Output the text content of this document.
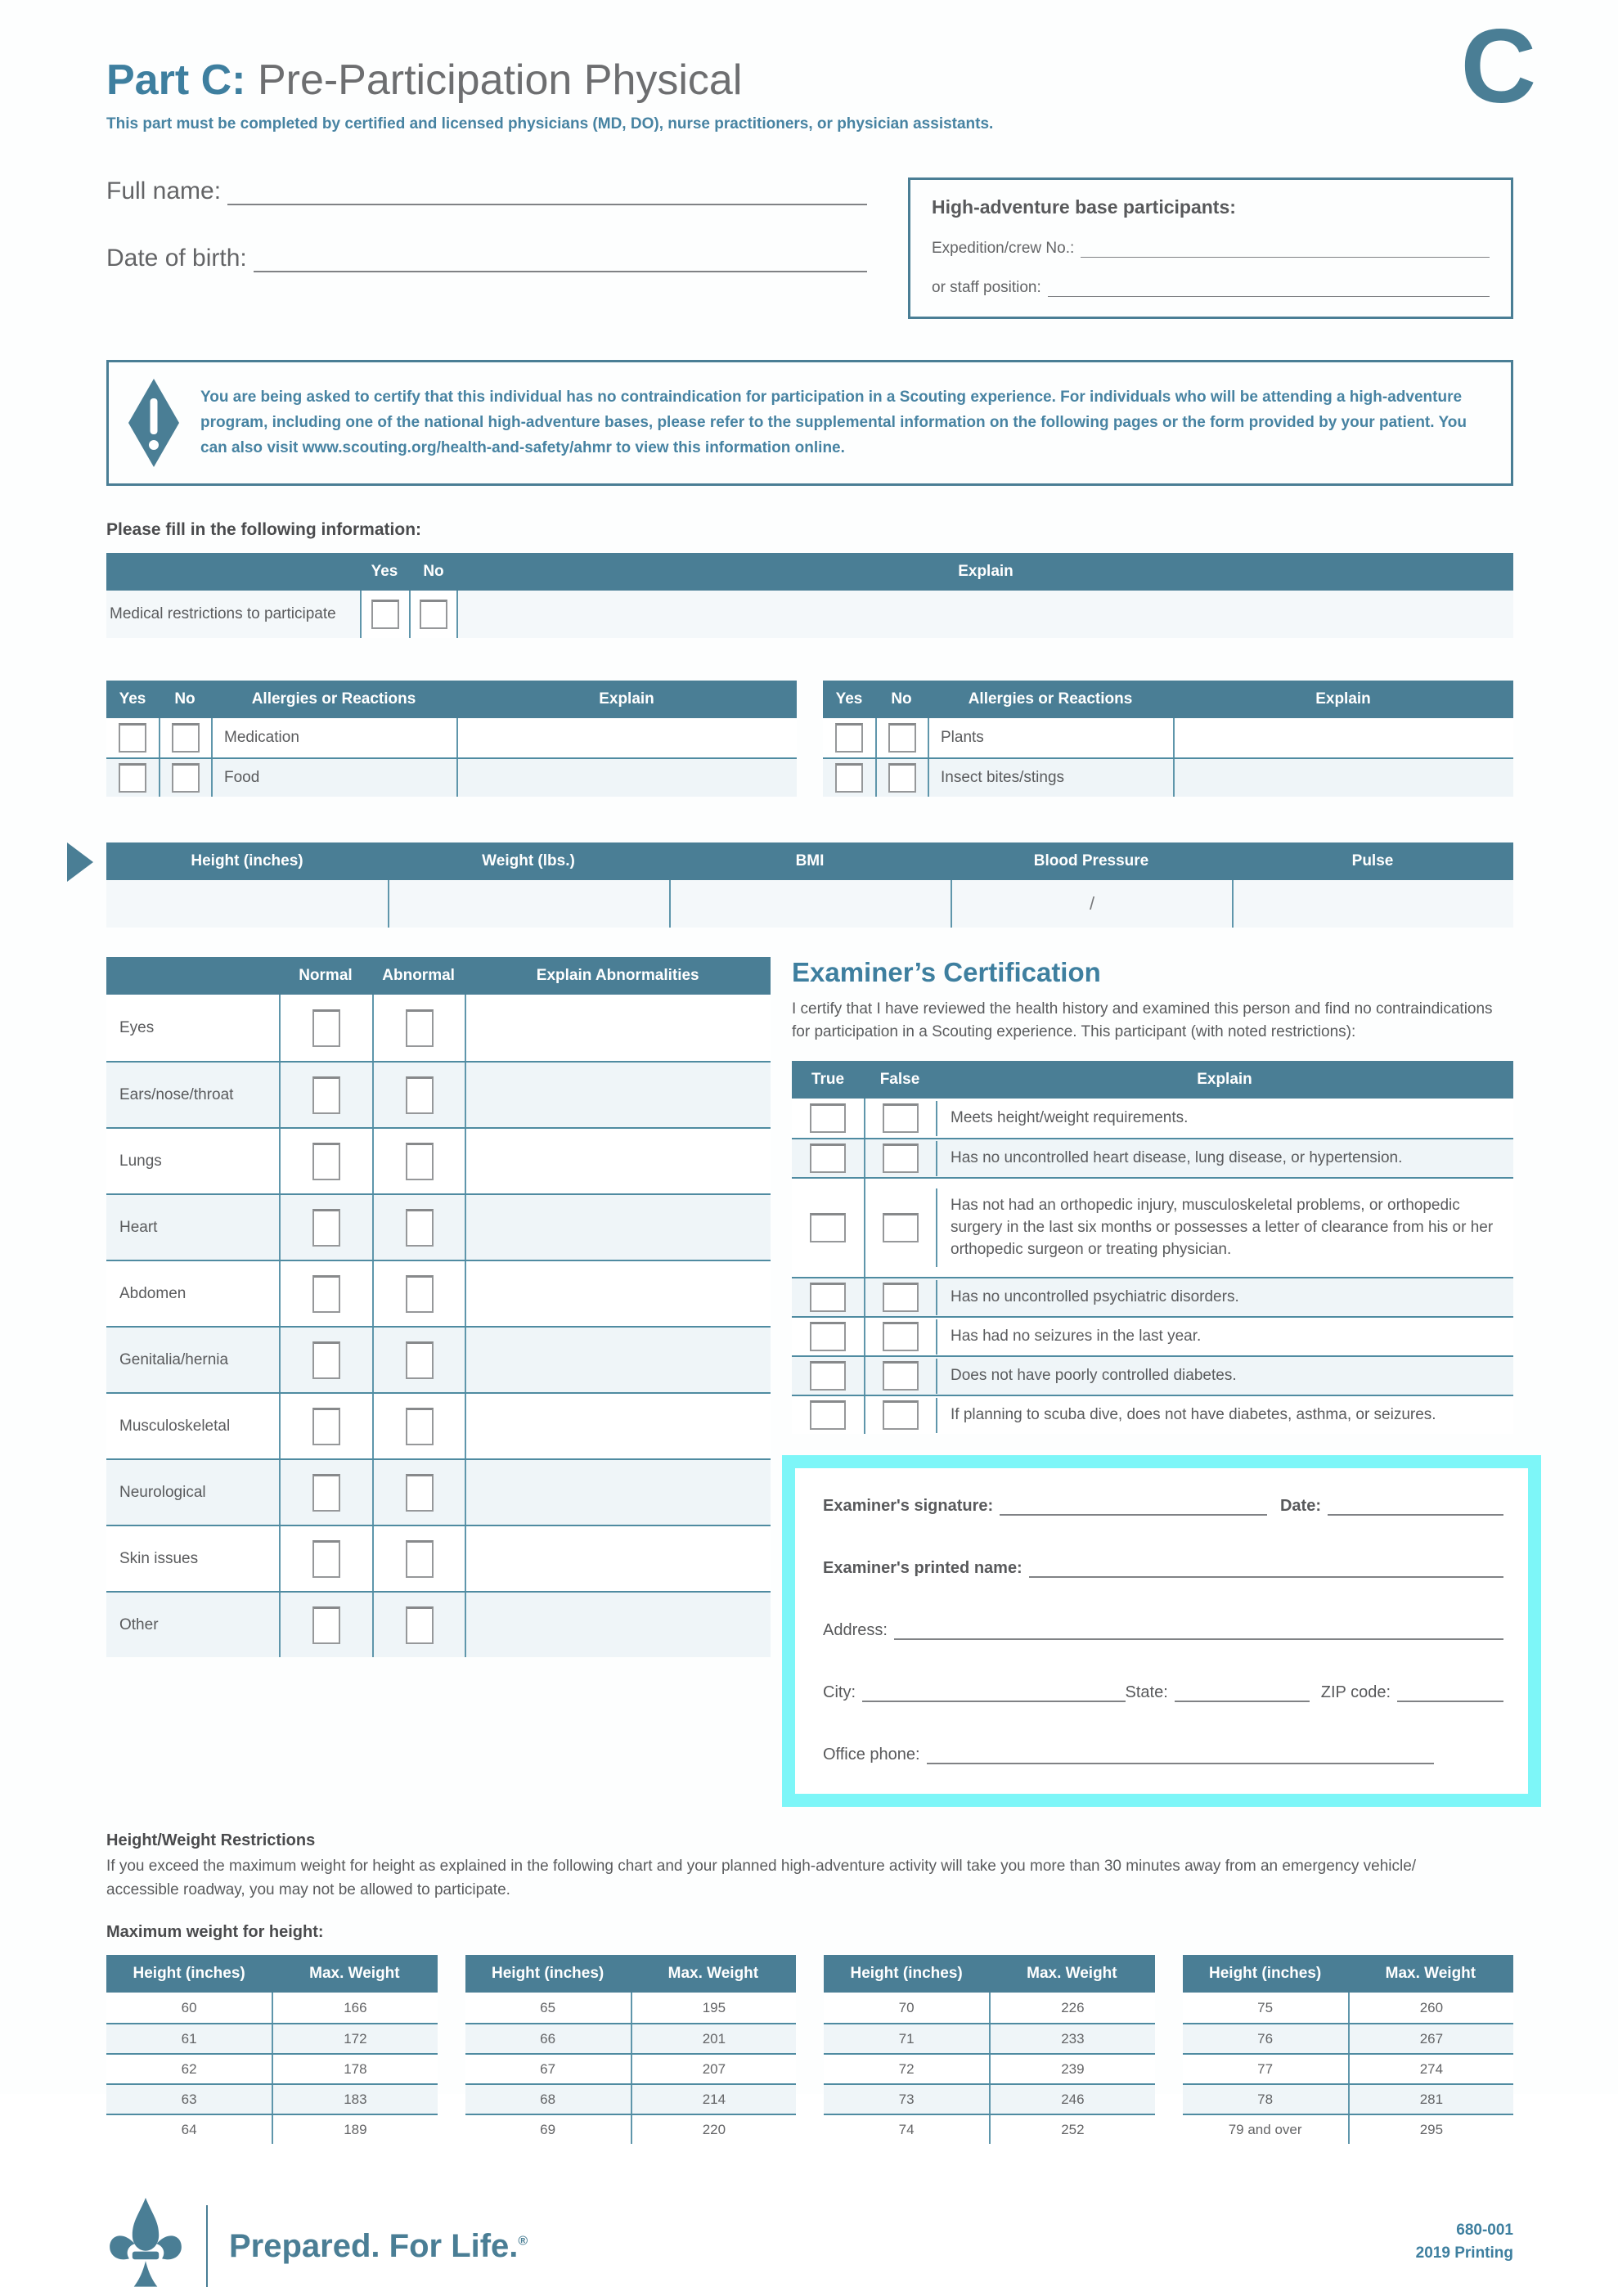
C
Part C: Pre-Participation Physical
This part must be completed by certified and licensed physicians (MD, DO), nurse practitioners, or physician assistants.
Full name:
Date of birth:
High-adventure base participants:
Expedition/crew No.:
or staff position:
You are being asked to certify that this individual has no contraindication for participation in a Scouting experience. For individuals who will be attending a high-adventure program, including one of the national high-adventure bases, please refer to the supplemental information on the following pages or the form provided by your patient. You can also visit www.scouting.org/health-and-safety/ahmr to view this information online.
Please fill in the following information:
Yes	No	Explain
Medical restrictions to participate
Yes	No	Allergies or Reactions	Explain
Medication
Food
Yes	No	Allergies or Reactions	Explain
Plants
Insect bites/stings
Height (inches)	Weight (lbs.)	BMI	Blood Pressure	Pulse
/
Normal	Abnormal	Explain Abnormalities
Eyes
Ears/nose/throat
Lungs
Heart
Abdomen
Genitalia/hernia
Musculoskeletal
Neurological
Skin issues
Other
Examiner’s Certification
I certify that I have reviewed the health history and examined this person and find no contraindications for participation in a Scouting experience. This participant (with noted restrictions):
True	False	Explain
Meets height/weight requirements.
Has no uncontrolled heart disease, lung disease, or hypertension.
Has not had an orthopedic injury, musculoskeletal problems, or orthopedic surgery in the last six months or possesses a letter of clearance from his or her orthopedic surgeon or treating physician.
Has no uncontrolled psychiatric disorders.
Has had no seizures in the last year.
Does not have poorly controlled diabetes.
If planning to scuba dive, does not have diabetes, asthma, or seizures.
Examiner's signature:	Date:
Examiner's printed name:
Address:
City:	State:	ZIP code:
Office phone:
Height/Weight Restrictions
If you exceed the maximum weight for height as explained in the following chart and your planned high-adventure activity will take you more than 30 minutes away from an emergency vehicle/ accessible roadway, you may not be allowed to participate.
Maximum weight for height:
Height (inches)	Max. Weight
60	166
61	172
62	178
63	183
64	189
Height (inches)	Max. Weight
65	195
66	201
67	207
68	214
69	220
Height (inches)	Max. Weight
70	226
71	233
72	239
73	246
74	252
Height (inches)	Max. Weight
75	260
76	267
77	274
78	281
79 and over	295
Prepared. For Life.®
680-001
2019 Printing
